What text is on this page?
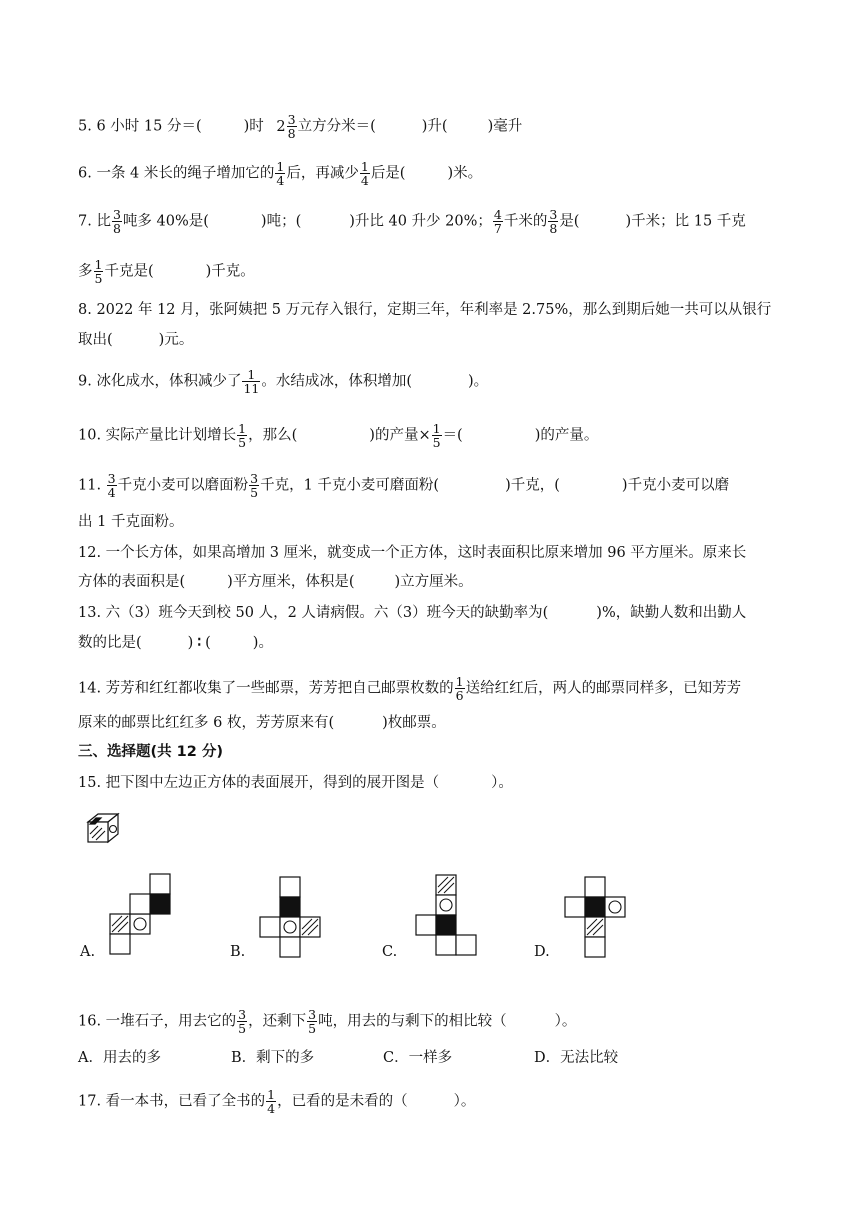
5. 6 小时 15 分＝(	)时 $2 \frac{3}{8}$ 立方分米＝(	)升(	)毫升
6. 一条 4 米长的绳子增加它的 $\frac{1}{4}$ 后，再减少 $\frac{1}{4}$ 后是(	)米。
7. 比 $\frac{3}{8}$ 吨多 40%是(	)吨；(	)升比 40 升少 20%； $\frac{4}{7}$ 千米的 $\frac{3}{8}$ 是(	)千米；比 15 千克
多 $\frac{1}{5}$ 千克是(	)千克。
8. 2022 年 12 月，张阿姨把 5 万元存入银行，定期三年，年利率是 2.75%，那么到期后她一共可以从银行
取出(	)元。
9. 冰化成水，体积减少了 $\frac{1}{11}$ 。水结成冰，体积增加(	)。
10. 实际产量比计划增长 $\frac{1}{5}$ ，那么(	)的产量× $\frac{1}{5}$ ＝(	)的产量。
11. $\frac{3}{4}$ 千克小麦可以磨面粉 $\frac{3}{5}$ 千克，1 千克小麦可磨面粉(	)千克，(	)千克小麦可以磨
出 1 千克面粉。
12. 一个长方体，如果高增加 3 厘米，就变成一个正方体，这时表面积比原来增加 96 平方厘米。原来长
方体的表面积是(	)平方厘米，体积是(	)立方厘米。
13. 六（3）班今天到校 50 人，2 人请病假。六（3）班今天的缺勤率为(	)%，缺勤人数和出勤人
数的比是(	) ∶ (	)。
14. 芳芳和红红都收集了一些邮票，芳芳把自己邮票枚数的 $\frac{1}{6}$ 送给红红后，两人的邮票同样多，已知芳芳
原来的邮票比红红多 6 枚，芳芳原来有(	)枚邮票。
三、选择题(共 12 分)
15. 把下图中左边正方体的表面展开，得到的展开图是（	）。
A.	B.	C.	D.
16. 一堆石子，用去它的 $\frac{3}{5}$ ，还剩下 $\frac{3}{5}$ 吨，用去的与剩下的相比较（	）。
A．用去的多	B．剩下的多	C．一样多	D．无法比较
17. 看一本书，已看了全书的 $\frac{1}{4}$ ，已看的是未看的（	）。
